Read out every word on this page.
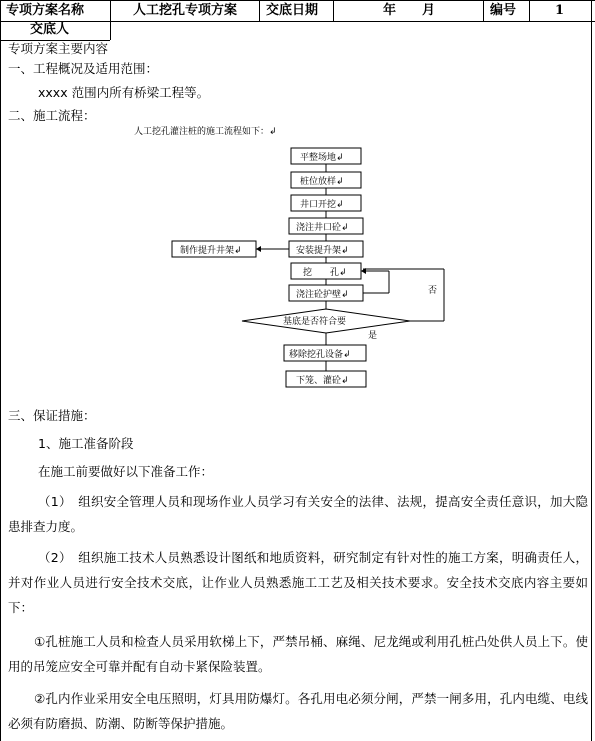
专项方案名称	人工挖孔专项方案 交底日期	年　　月	编号	1
交底人
专项方案主要内容
一、工程概况及适用范围：
xxxx 范围内所有桥梁工程等。
二、施工流程：
人工挖孔灌注桩的施工流程如下：↲
平整场地↲
桩位放样↲
井口开挖↲
浇注井口砼↲
安装提升架↲
制作提升井架↲
挖　　孔↲
浇注砼护壁↲
基底是否符合要
否
是
移除挖孔设备↲
下笼、灌砼↲
三、保证措施：
1、施工准备阶段
在施工前要做好以下准备工作：
（1）　组织安全管理人员和现场作业人员学习有关安全的法律、法规，提高安全责任意识，加大隐患排查力度。
（2）　组织施工技术人员熟悉设计图纸和地质资料，研究制定有针对性的施工方案，明确责任人，并对作业人员进行安全技术交底，让作业人员熟悉施工工艺及相关技术要求。安全技术交底内容主要如下：
①孔桩施工人员和检查人员采用软梯上下，严禁吊桶、麻绳、尼龙绳或利用孔桩凸处供人员上下。使用的吊笼应安全可靠并配有自动卡紧保险装置。
②孔内作业采用安全电压照明，灯具用防爆灯。各孔用电必须分闸，严禁一闸多用，孔内电缆、电线必须有防磨损、防潮、防断等保护措施。
